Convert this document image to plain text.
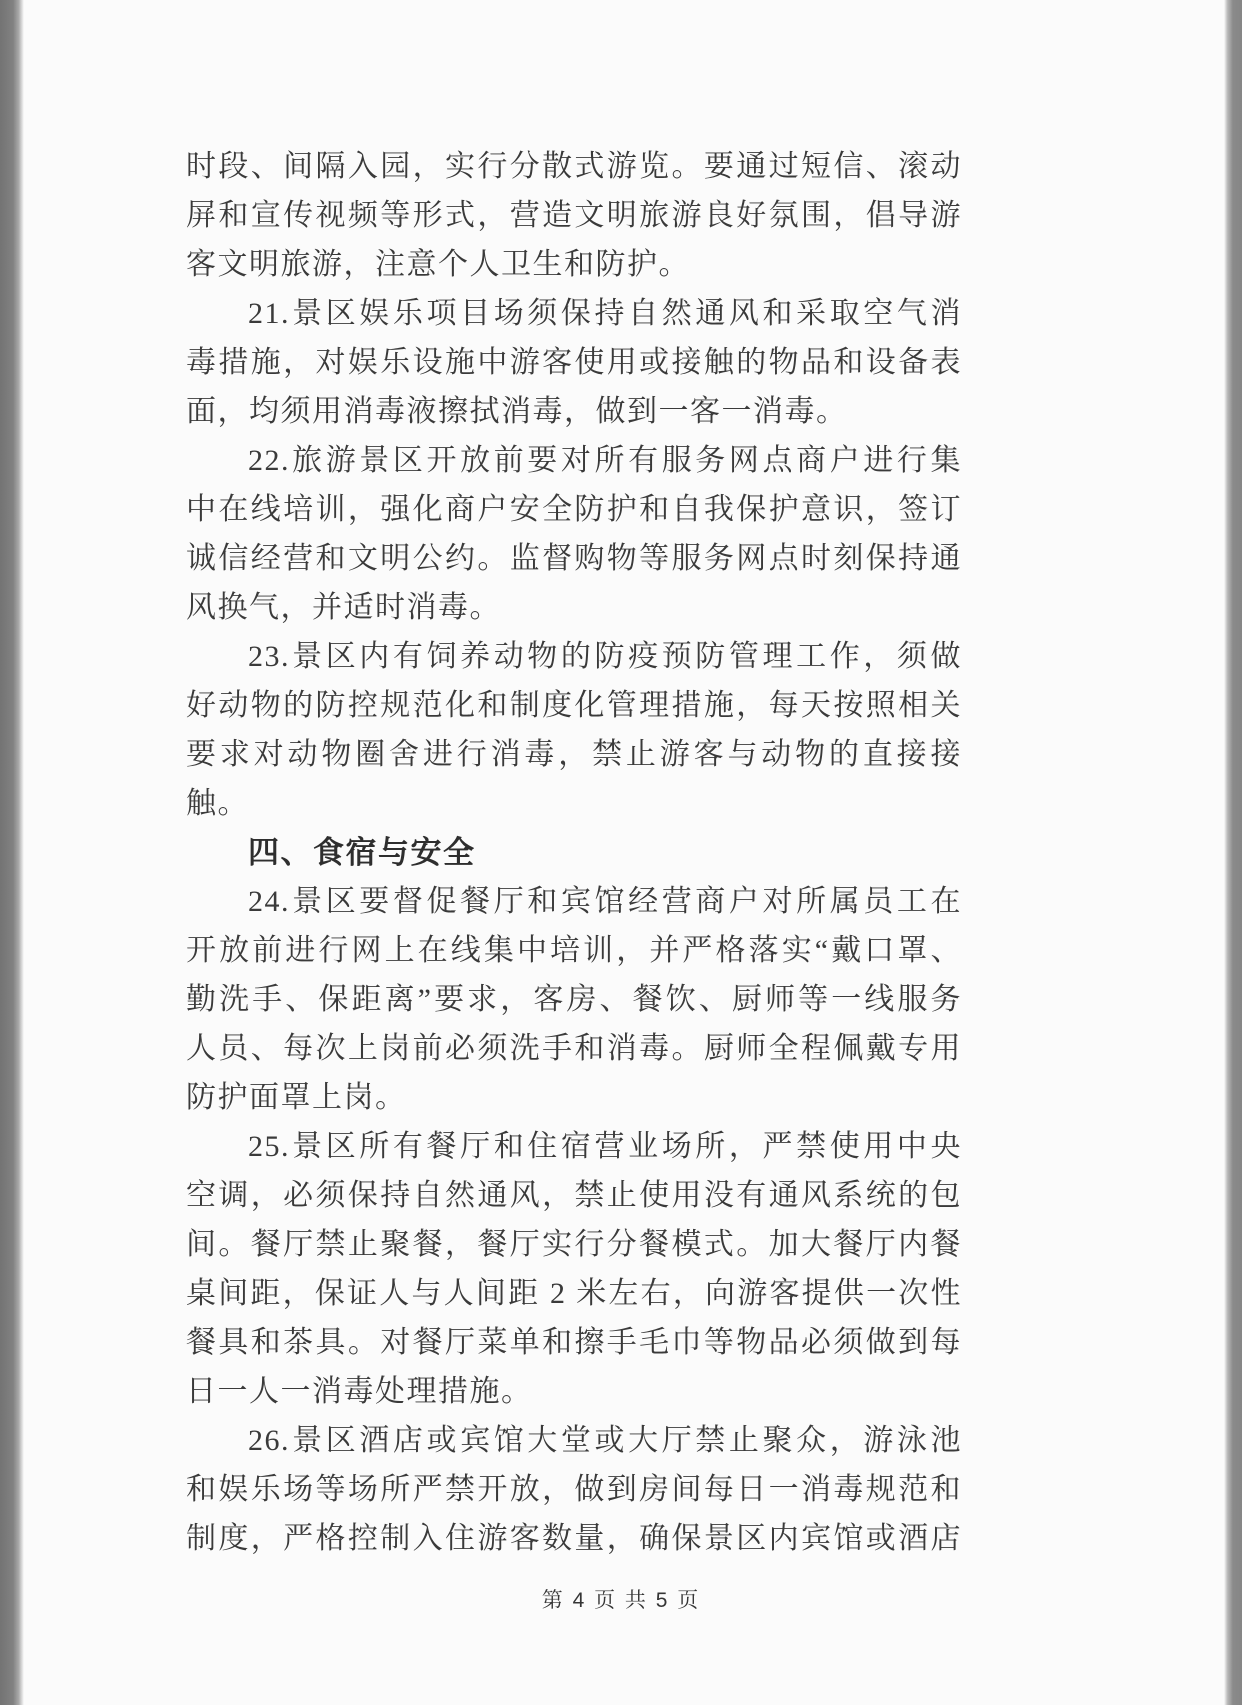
时段、间隔入园，实行分散式游览。要通过短信、滚动
屏和宣传视频等形式，营造文明旅游良好氛围，倡导游
客文明旅游，注意个人卫生和防护。
21.景区娱乐项目场须保持自然通风和采取空气消
毒措施，对娱乐设施中游客使用或接触的物品和设备表
面，均须用消毒液擦拭消毒，做到一客一消毒。
22.旅游景区开放前要对所有服务网点商户进行集
中在线培训，强化商户安全防护和自我保护意识，签订
诚信经营和文明公约。监督购物等服务网点时刻保持通
风换气，并适时消毒。
23.景区内有饲养动物的防疫预防管理工作，须做
好动物的防控规范化和制度化管理措施，每天按照相关
要求对动物圈舍进行消毒，禁止游客与动物的直接接
触。
四、食宿与安全
24.景区要督促餐厅和宾馆经营商户对所属员工在
开放前进行网上在线集中培训，并严格落实“戴口罩、
勤洗手、保距离”要求，客房、餐饮、厨师等一线服务
人员、每次上岗前必须洗手和消毒。厨师全程佩戴专用
防护面罩上岗。
25.景区所有餐厅和住宿营业场所，严禁使用中央
空调，必须保持自然通风，禁止使用没有通风系统的包
间。餐厅禁止聚餐，餐厅实行分餐模式。加大餐厅内餐
桌间距，保证人与人间距 2 米左右，向游客提供一次性
餐具和茶具。对餐厅菜单和擦手毛巾等物品必须做到每
日一人一消毒处理措施。
26.景区酒店或宾馆大堂或大厅禁止聚众，游泳池
和娱乐场等场所严禁开放，做到房间每日一消毒规范和
制度，严格控制入住游客数量，确保景区内宾馆或酒店
第 4 页 共 5 页
